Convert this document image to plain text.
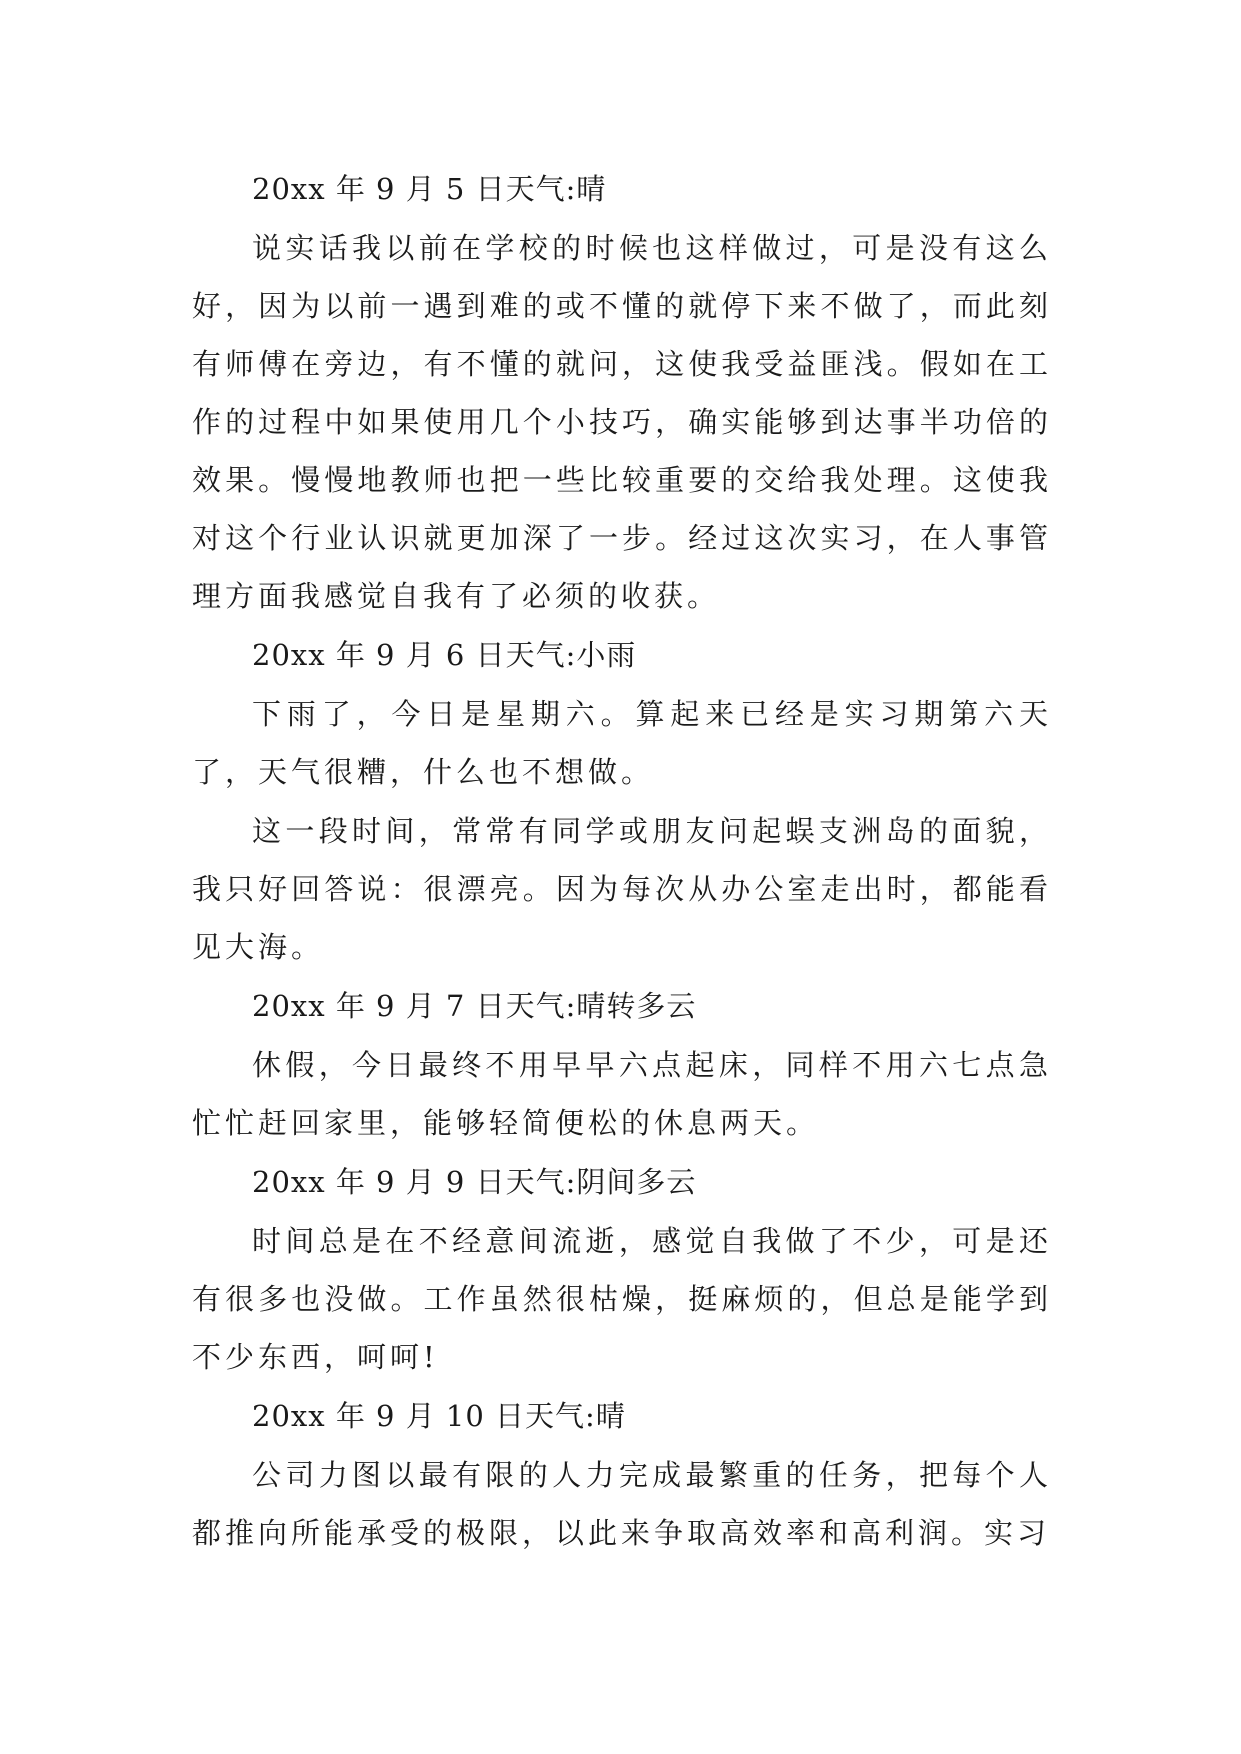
20xx 年 9 月 5 日天气:晴

说实话我以前在学校的时候也这样做过，可是没有这么好，因为以前一遇到难的或不懂的就停下来不做了，而此刻有师傅在旁边，有不懂的就问，这使我受益匪浅。假如在工作的过程中如果使用几个小技巧，确实能够到达事半功倍的效果。慢慢地教师也把一些比较重要的交给我处理。这使我对这个行业认识就更加深了一步。经过这次实习，在人事管理方面我感觉自我有了必须的收获。

20xx 年 9 月 6 日天气:小雨

下雨了，今日是星期六。算起来已经是实习期第六天了，天气很糟，什么也不想做。

这一段时间，常常有同学或朋友问起蜈支洲岛的面貌，我只好回答说：很漂亮。因为每次从办公室走出时，都能看见大海。

20xx 年 9 月 7 日天气:晴转多云

休假，今日最终不用早早六点起床，同样不用六七点急忙忙赶回家里，能够轻简便松的休息两天。

20xx 年 9 月 9 日天气:阴间多云

时间总是在不经意间流逝，感觉自我做了不少，可是还有很多也没做。工作虽然很枯燥，挺麻烦的，但总是能学到不少东西，呵呵!

20xx 年 9 月 10 日天气:晴

公司力图以最有限的人力完成最繁重的任务，把每个人都推向所能承受的极限，以此来争取高效率和高利润。实习
